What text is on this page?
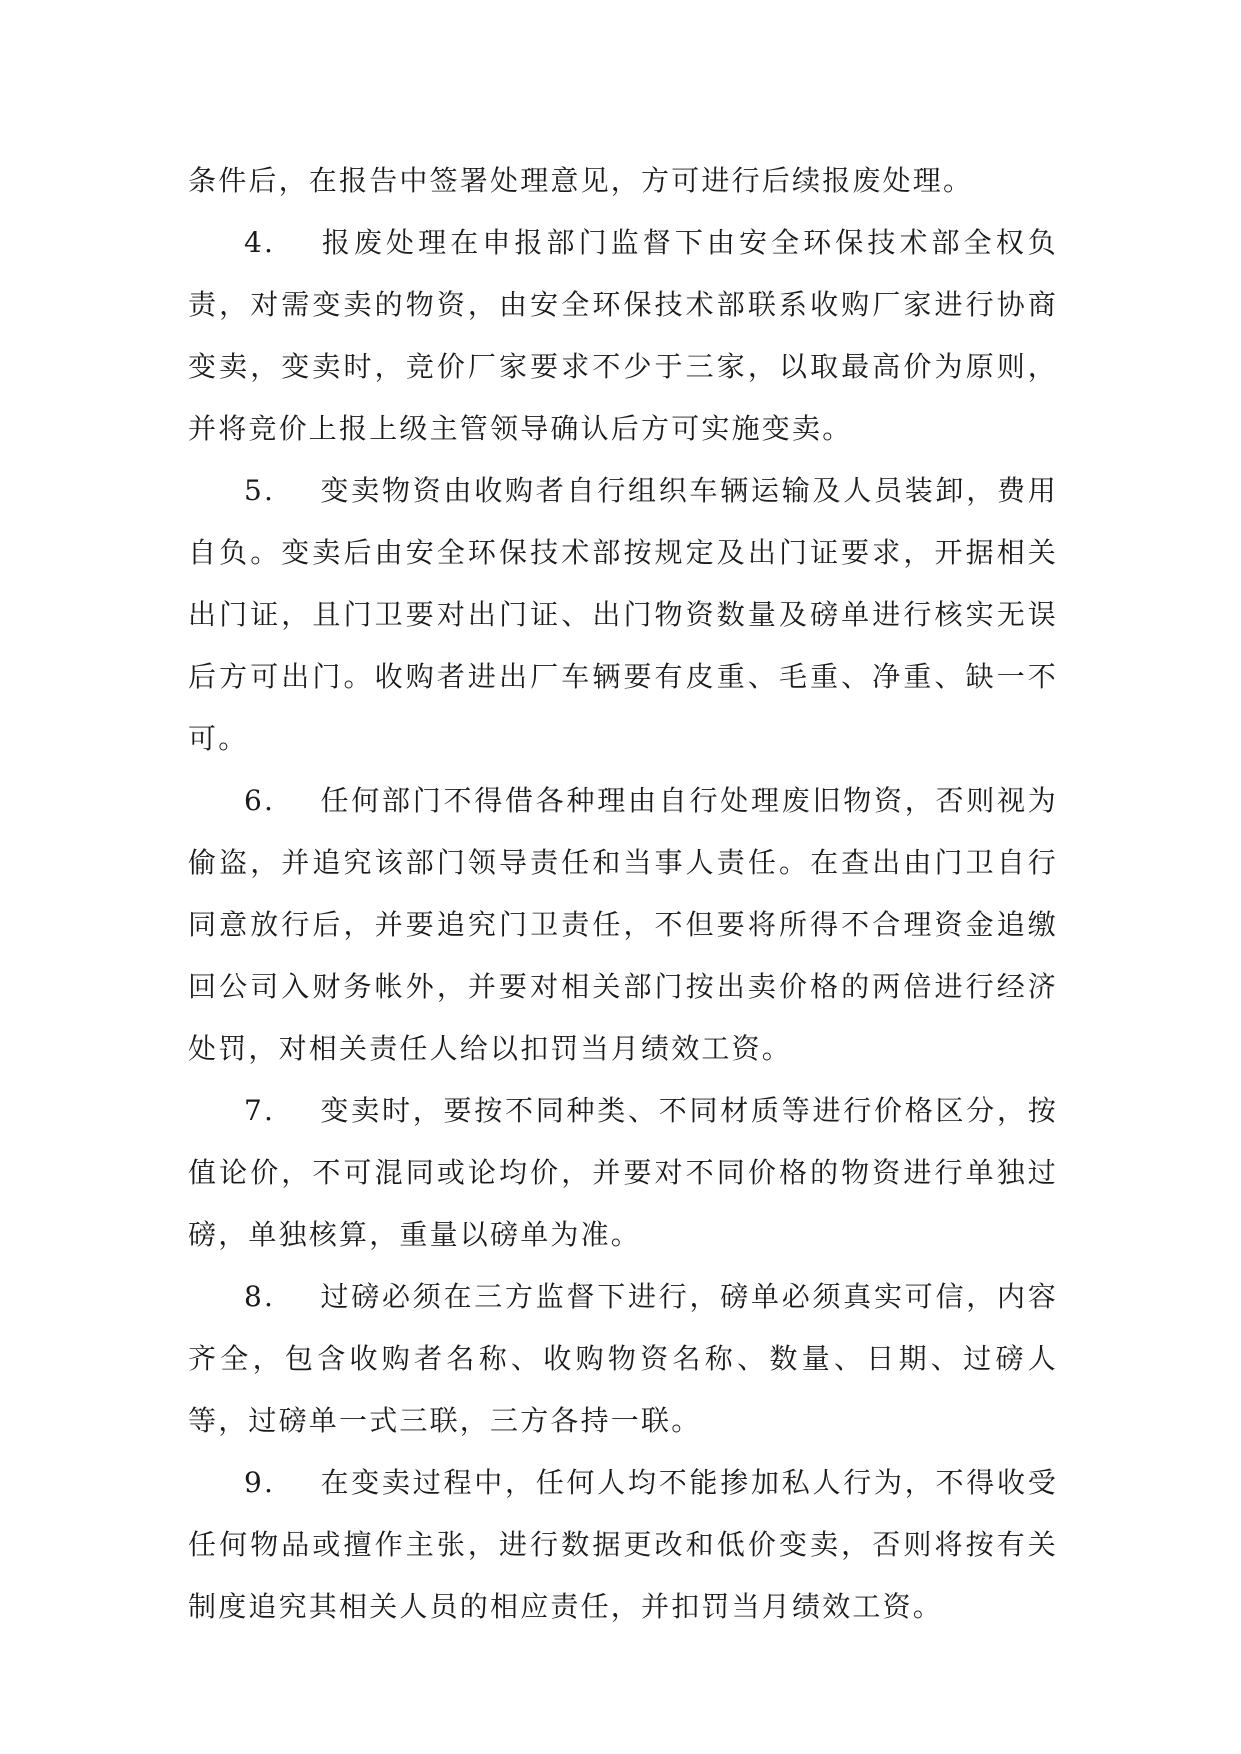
条件后，在报告中签署处理意见，方可进行后续报废处理。

4. 报废处理在申报部门监督下由安全环保技术部全权负责，对需变卖的物资，由安全环保技术部联系收购厂家进行协商变卖，变卖时，竞价厂家要求不少于三家，以取最高价为原则，并将竞价上报上级主管领导确认后方可实施变卖。

5. 变卖物资由收购者自行组织车辆运输及人员装卸，费用自负。变卖后由安全环保技术部按规定及出门证要求，开据相关出门证，且门卫要对出门证、出门物资数量及磅单进行核实无误后方可出门。收购者进出厂车辆要有皮重、毛重、净重、缺一不可。

6. 任何部门不得借各种理由自行处理废旧物资，否则视为偷盗，并追究该部门领导责任和当事人责任。在查出由门卫自行同意放行后，并要追究门卫责任，不但要将所得不合理资金追缴回公司入财务帐外，并要对相关部门按出卖价格的两倍进行经济处罚，对相关责任人给以扣罚当月绩效工资。

7. 变卖时，要按不同种类、不同材质等进行价格区分，按值论价，不可混同或论均价，并要对不同价格的物资进行单独过磅，单独核算，重量以磅单为准。

8. 过磅必须在三方监督下进行，磅单必须真实可信，内容齐全，包含收购者名称、收购物资名称、数量、日期、过磅人等，过磅单一式三联，三方各持一联。

9. 在变卖过程中，任何人均不能掺加私人行为，不得收受任何物品或擅作主张，进行数据更改和低价变卖，否则将按有关制度追究其相关人员的相应责任，并扣罚当月绩效工资。
